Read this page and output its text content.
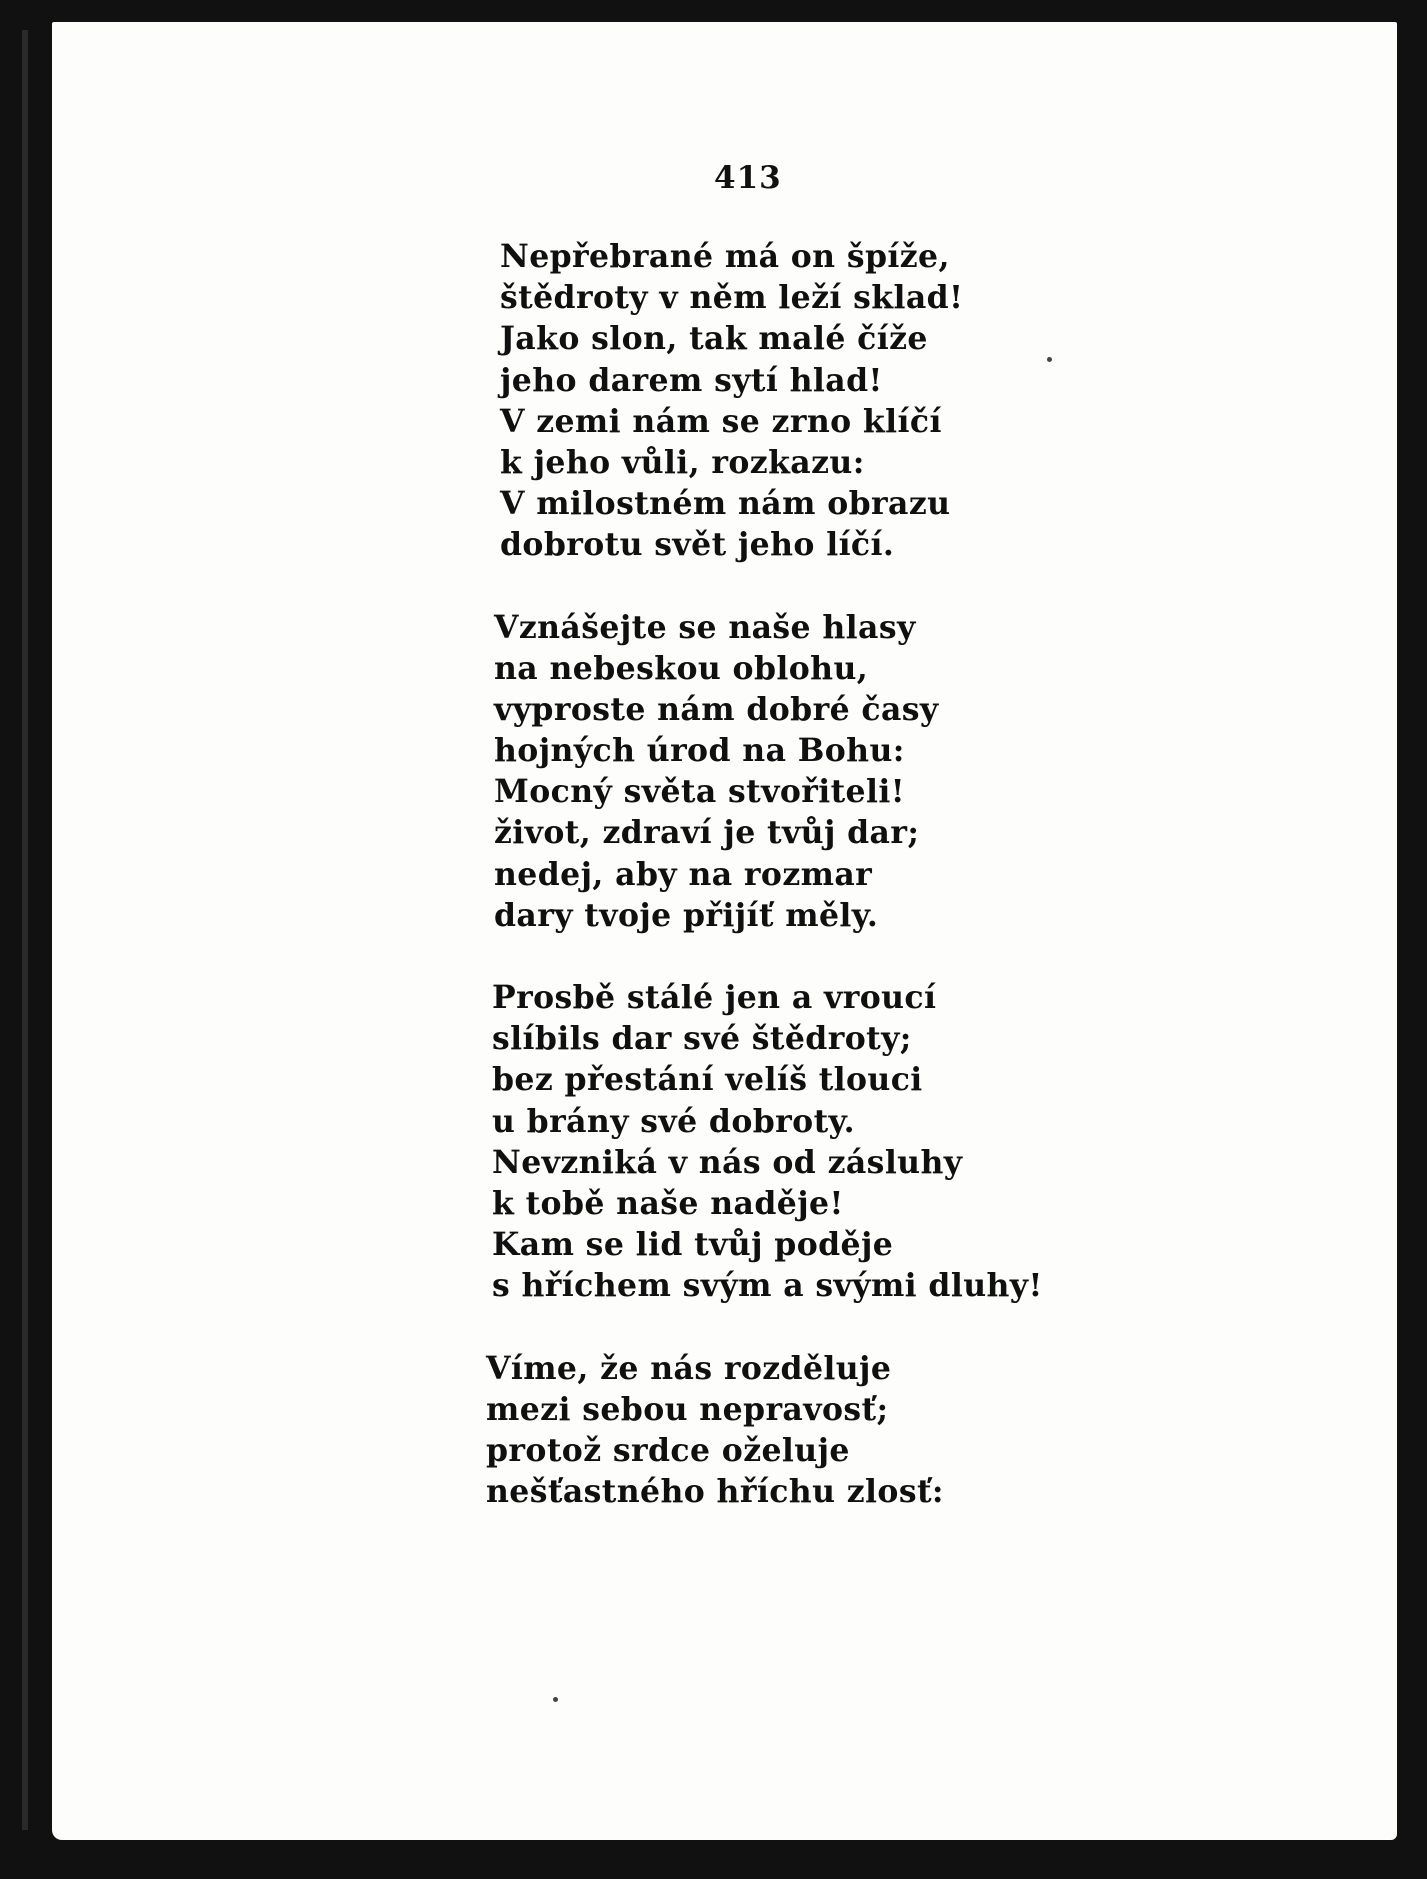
413
Nepřebrané má on špíže,
štědroty v něm leží sklad!
Jako slon, tak malé číže
jeho darem sytí hlad!
V zemi nám se zrno klíčí
k jeho vůli, rozkazu:
V milostném nám obrazu
dobrotu svět jeho líčí.
Vznášejte se naše hlasy
na nebeskou oblohu,
vyproste nám dobré časy
hojných úrod na Bohu:
Mocný světa stvořiteli!
život, zdraví je tvůj dar;
nedej, aby na rozmar
dary tvoje přijíť měly.
Prosbě stálé jen a vroucí
slíbils dar své štědroty;
bez přestání velíš tlouci
u brány své dobroty.
Nevzniká v nás od zásluhy
k tobě naše naděje!
Kam se lid tvůj poděje
s hříchem svým a svými dluhy!
Víme, že nás rozděluje
mezi sebou nepravosť;
protož srdce oželuje
nešťastného hříchu zlosť:
